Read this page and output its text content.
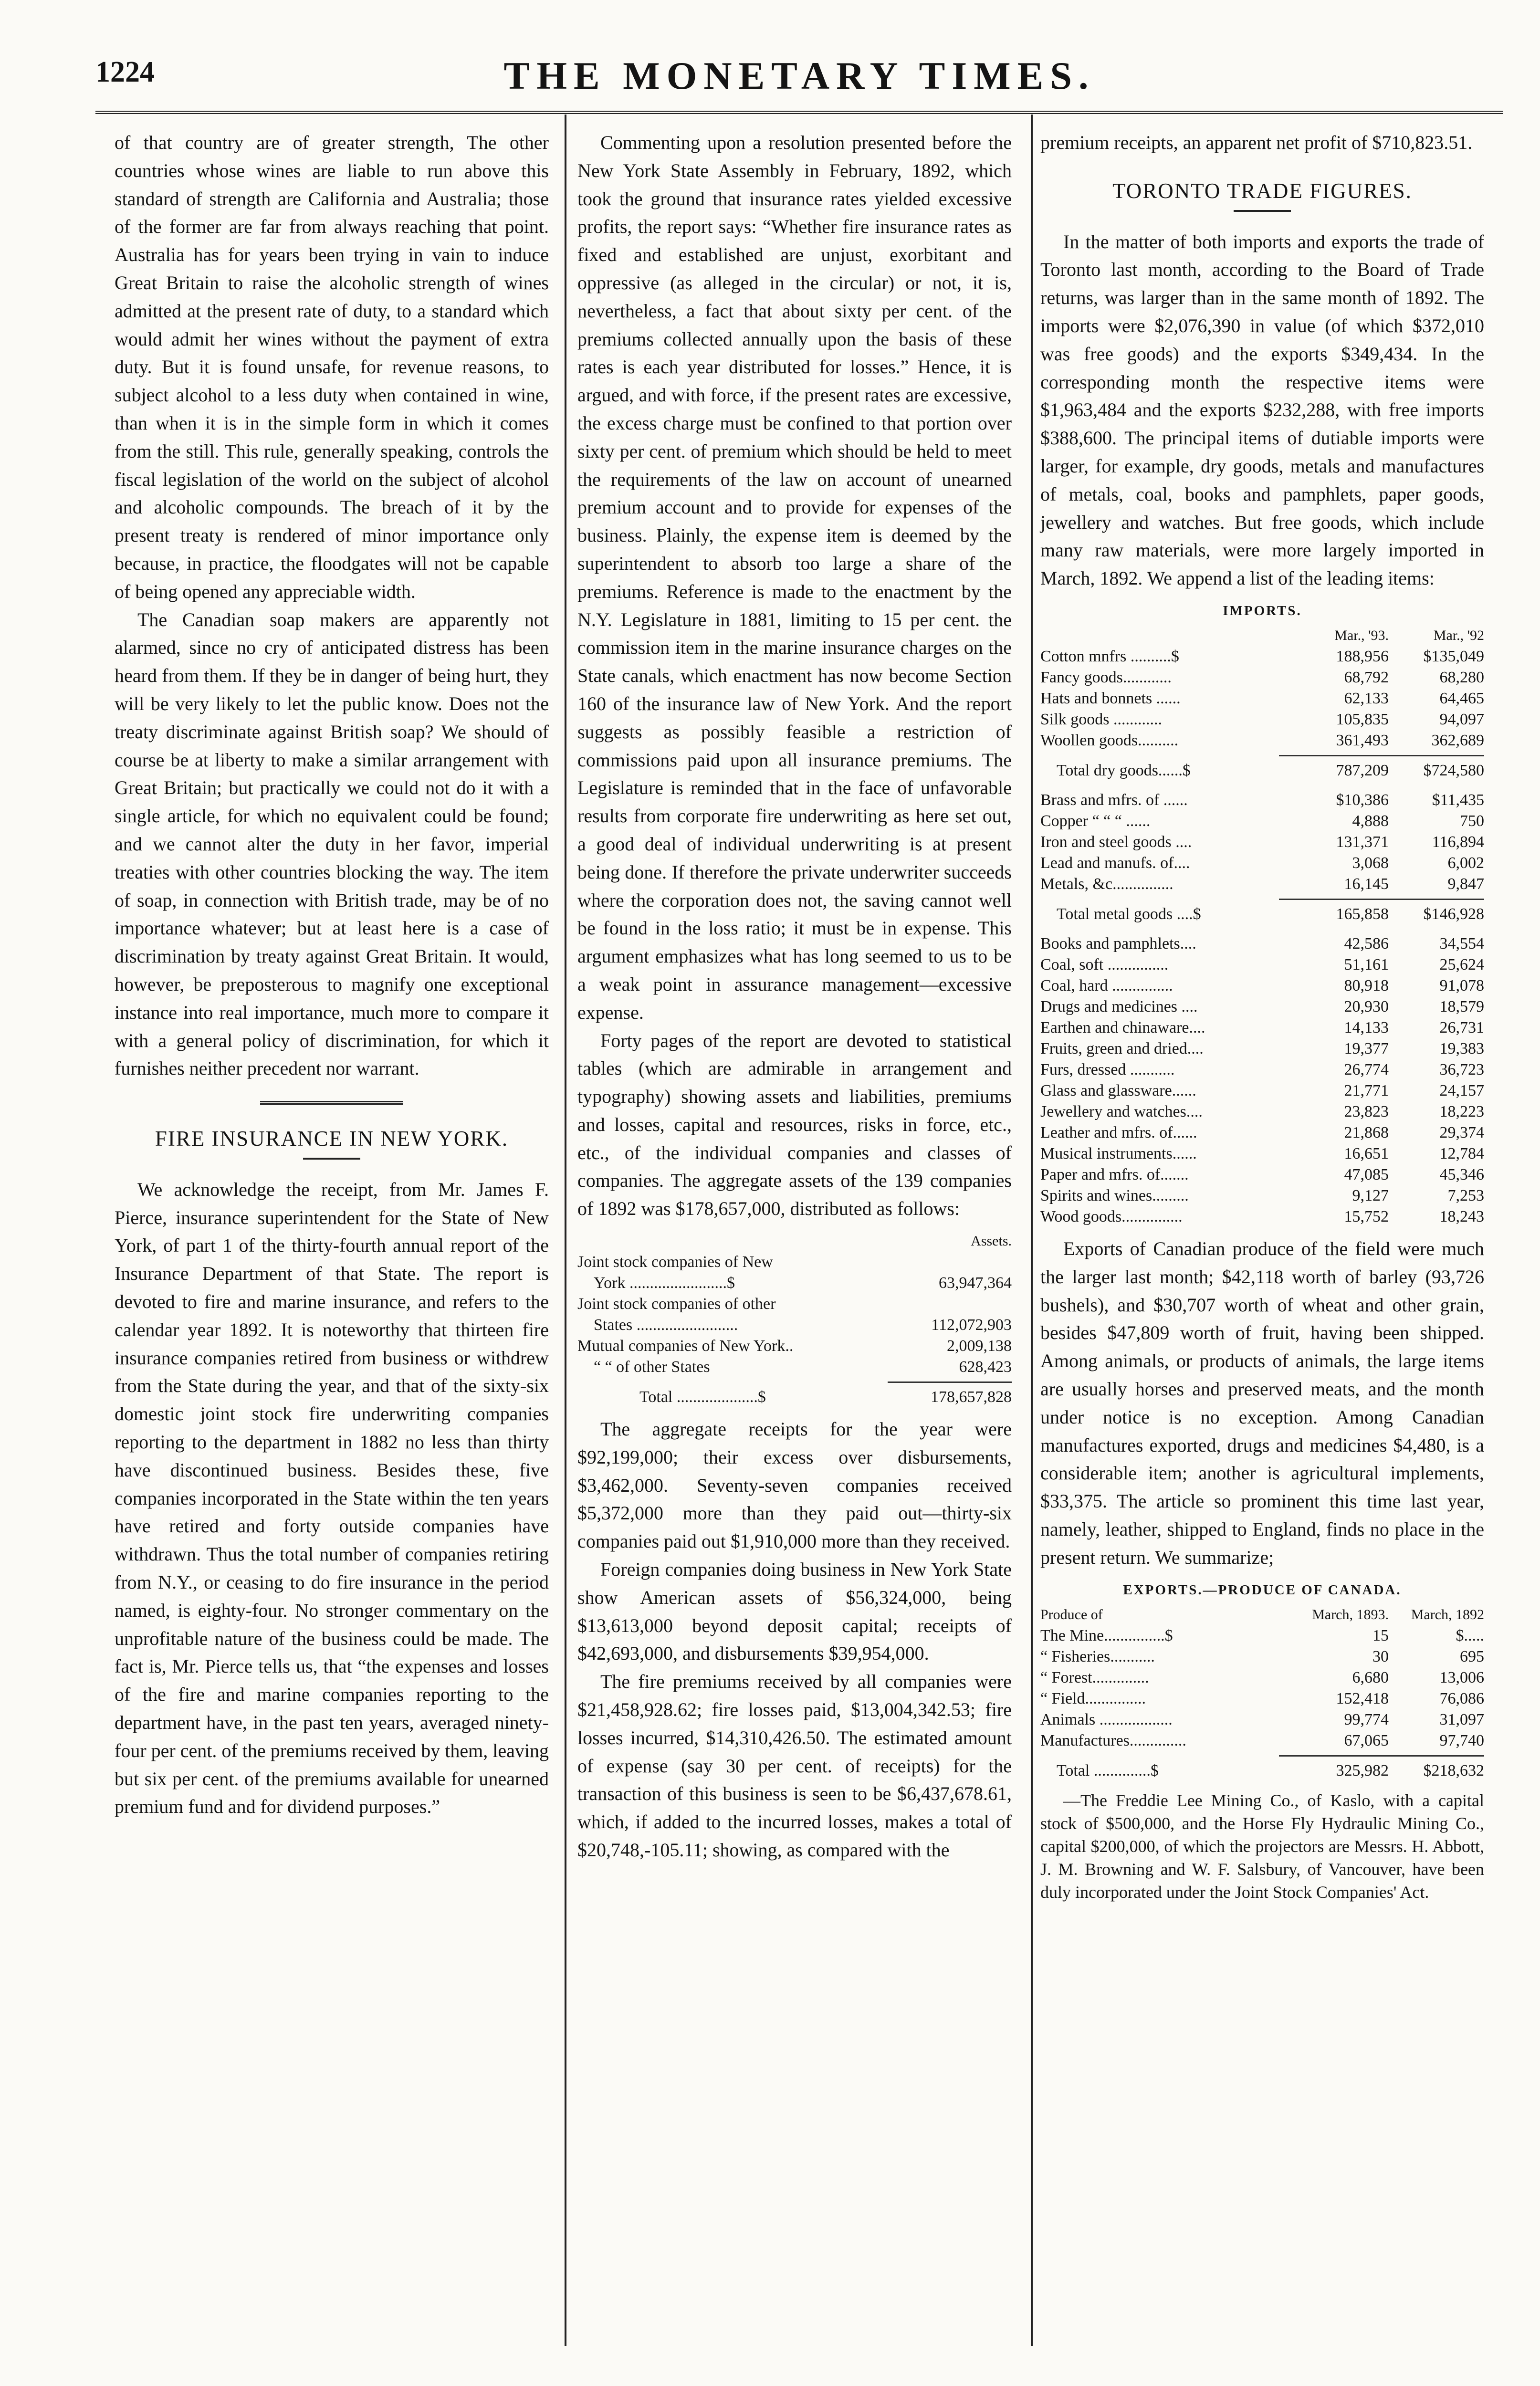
1224	THE MONETARY TIMES.

of that country are of greater strength, The other countries whose wines are liable to run above this standard of strength are California and Australia; those of the former are far from always reaching that point. Australia has for years been trying in vain to induce Great Britain to raise the alcoholic strength of wines admitted at the present rate of duty, to a standard which would admit her wines without the payment of extra duty. But it is found unsafe, for revenue reasons, to subject alcohol to a less duty when contained in wine, than when it is in the simple form in which it comes from the still. This rule, generally speaking, controls the fiscal legislation of the world on the subject of alcohol and alcoholic compounds. The breach of it by the present treaty is rendered of minor importance only because, in practice, the floodgates will not be capable of being opened any appreciable width.

The Canadian soap makers are apparently not alarmed, since no cry of anticipated distress has been heard from them. If they be in danger of being hurt, they will be very likely to let the public know. Does not the treaty discriminate against British soap? We should of course be at liberty to make a similar arrangement with Great Britain; but practically we could not do it with a single article, for which no equivalent could be found; and we cannot alter the duty in her favor, imperial treaties with other countries blocking the way. The item of soap, in connection with British trade, may be of no importance whatever; but at least here is a case of discrimination by treaty against Great Britain. It would, however, be preposterous to magnify one exceptional instance into real importance, much more to compare it with a general policy of discrimination, for which it furnishes neither precedent nor warrant.

FIRE INSURANCE IN NEW YORK.

We acknowledge the receipt, from Mr. James F. Pierce, insurance superintendent for the State of New York, of part 1 of the thirty-fourth annual report of the Insurance Department of that State. The report is devoted to fire and marine insurance, and refers to the calendar year 1892. It is noteworthy that thirteen fire insurance companies retired from business or withdrew from the State during the year, and that of the sixty-six domestic joint stock fire underwriting companies reporting to the department in 1882 no less than thirty have discontinued business. Besides these, five companies incorporated in the State within the ten years have retired and forty outside companies have withdrawn. Thus the total number of companies retiring from N.Y., or ceasing to do fire insurance in the period named, is eighty-four. No stronger commentary on the unprofitable nature of the business could be made. The fact is, Mr. Pierce tells us, that “the expenses and losses of the fire and marine companies reporting to the department have, in the past ten years, averaged ninety-four per cent. of the premiums received by them, leaving but six per cent. of the premiums available for unearned premium fund and for dividend purposes.”

Commenting upon a resolution presented before the New York State Assembly in February, 1892, which took the ground that insurance rates yielded excessive profits, the report says: “Whether fire insurance rates as fixed and established are unjust, exorbitant and oppressive (as alleged in the circular) or not, it is, nevertheless, a fact that about sixty per cent. of the premiums collected annually upon the basis of these rates is each year distributed for losses.” Hence, it is argued, and with force, if the present rates are excessive, the excess charge must be confined to that portion over sixty per cent. of premium which should be held to meet the requirements of the law on account of unearned premium account and to provide for expenses of the business. Plainly, the expense item is deemed by the superintendent to absorb too large a share of the premiums. Reference is made to the enactment by the N.Y. Legislature in 1881, limiting to 15 per cent. the commission item in the marine insurance charges on the State canals, which enactment has now become Section 160 of the insurance law of New York. And the report suggests as possibly feasible a restriction of commissions paid upon all insurance premiums. The Legislature is reminded that in the face of unfavorable results from corporate fire underwriting as here set out, a good deal of individual underwriting is at present being done. If therefore the private underwriter succeeds where the corporation does not, the saving cannot well be found in the loss ratio; it must be in expense. This argument emphasizes what has long seemed to us to be a weak point in assurance management—excessive expense.

Forty pages of the report are devoted to statistical tables (which are admirable in arrangement and typography) showing assets and liabilities, premiums and losses, capital and resources, risks in force, etc., etc., of the individual companies and classes of companies. The aggregate assets of the 139 companies of 1892 was $178,657,000, distributed as follows:

Assets.
Joint stock companies of New
York ........................$	63,947,364
Joint stock companies of other
States .........................	112,072,903
Mutual companies of New York..	2,009,138
“ “ of other States	628,423
Total ....................$	178,657,828

The aggregate receipts for the year were $92,199,000; their excess over disbursements, $3,462,000. Seventy-seven companies received $5,372,000 more than they paid out—thirty-six companies paid out $1,910,000 more than they received.

Foreign companies doing business in New York State show American assets of $56,324,000, being $13,613,000 beyond deposit capital; receipts of $42,693,000, and disbursements $39,954,000.

The fire premiums received by all companies were $21,458,928.62; fire losses paid, $13,004,342.53; fire losses incurred, $14,310,426.50. The estimated amount of expense (say 30 per cent. of receipts) for the transaction of this business is seen to be $6,437,678.61, which, if added to the incurred losses, makes a total of $20,748,-105.11; showing, as compared with the

premium receipts, an apparent net profit of $710,823.51.

TORONTO TRADE FIGURES.

In the matter of both imports and exports the trade of Toronto last month, according to the Board of Trade returns, was larger than in the same month of 1892. The imports were $2,076,390 in value (of which $372,010 was free goods) and the exports $349,434. In the corresponding month the respective items were $1,963,484 and the exports $232,288, with free imports $388,600. The principal items of dutiable imports were larger, for example, dry goods, metals and manufactures of metals, coal, books and pamphlets, paper goods, jewellery and watches. But free goods, which include many raw materials, were more largely imported in March, 1892. We append a list of the leading items:

IMPORTS.
Mar., '93.	Mar., '92
Cotton mnfrs ..........$	188,956	$135,049
Fancy goods............	68,792	68,280
Hats and bonnets ......	62,133	64,465
Silk goods ............	105,835	94,097
Woollen goods..........	361,493	362,689
Total dry goods......$	787,209	$724,580
Brass and mfrs. of ......	$10,386	$11,435
Copper “ “ “ ......	4,888	750
Iron and steel goods ....	131,371	116,894
Lead and manufs. of....	3,068	6,002
Metals, &c...............	16,145	9,847
Total metal goods ....$	165,858	$146,928
Books and pamphlets....	42,586	34,554
Coal, soft ...............	51,161	25,624
Coal, hard ...............	80,918	91,078
Drugs and medicines ....	20,930	18,579
Earthen and chinaware....	14,133	26,731
Fruits, green and dried....	19,377	19,383
Furs, dressed ...........	26,774	36,723
Glass and glassware......	21,771	24,157
Jewellery and watches....	23,823	18,223
Leather and mfrs. of......	21,868	29,374
Musical instruments......	16,651	12,784
Paper and mfrs. of.......	47,085	45,346
Spirits and wines.........	9,127	7,253
Wood goods...............	15,752	18,243

Exports of Canadian produce of the field were much the larger last month; $42,118 worth of barley (93,726 bushels), and $30,707 worth of wheat and other grain, besides $47,809 worth of fruit, having been shipped. Among animals, or products of animals, the large items are usually horses and preserved meats, and the month under notice is no exception. Among Canadian manufactures exported, drugs and medicines $4,480, is a considerable item; another is agricultural implements, $33,375. The article so prominent this time last year, namely, leather, shipped to England, finds no place in the present return. We summarize;

EXPORTS.—PRODUCE OF CANADA.
Produce of	March, 1893.	March, 1892
The Mine...............$	15	$.....
“ Fisheries...........	30	695
“ Forest..............	6,680	13,006
“ Field...............	152,418	76,086
Animals ..................	99,774	31,097
Manufactures..............	67,065	97,740
Total ..............$	325,982	$218,632

—The Freddie Lee Mining Co., of Kaslo, with a capital stock of $500,000, and the Horse Fly Hydraulic Mining Co., capital $200,000, of which the projectors are Messrs. H. Abbott, J. M. Browning and W. F. Salsbury, of Vancouver, have been duly incorporated under the Joint Stock Companies' Act.
